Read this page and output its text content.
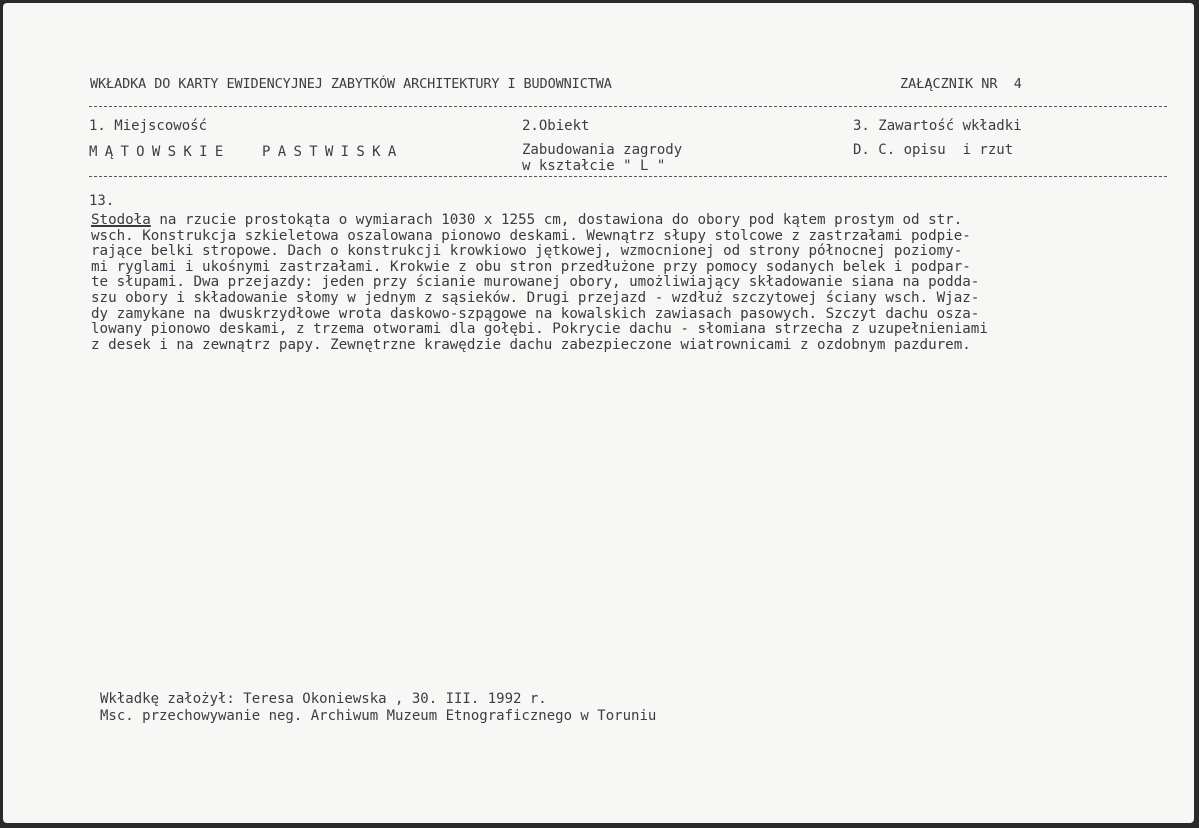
WKŁADKA DO KARTY EWIDENCYJNEJ ZABYTKÓW ARCHITEKTURY I BUDOWNICTWA	ZAŁĄCZNIK NR  4
1. Miejscowość
MĄTOWSKIE  PASTWISKA
2.Obiekt
Zabudowania zagrody
w kształcie " L "
3. Zawartość wkładki
D. C. opisu  i rzut
13.
Stodoła na rzucie prostokąta o wymiarach 1030 x 1255 cm, dostawiona do obory pod kątem prostym od str.
wsch. Konstrukcja szkieletowa oszalowana pionowo deskami. Wewnątrz słupy stolcowe z zastrzałami podpie-
rające belki stropowe. Dach o konstrukcji krowkiowo jętkowej, wzmocnionej od strony północnej poziomy-
mi ryglami i ukośnymi zastrzałami. Krokwie z obu stron przedłużone przy pomocy sodanych belek i podpar-
te słupami. Dwa przejazdy: jeden przy ścianie murowanej obory, umożliwiający składowanie siana na podda-
szu obory i składowanie słomy w jednym z sąsieków. Drugi przejazd - wzdłuż szczytowej ściany wsch. Wjaz-
dy zamykane na dwuskrzydłowe wrota daskowo-szpągowe na kowalskich zawiasach pasowych. Szczyt dachu osza-
lowany pionowo deskami, z trzema otworami dla gołębi. Pokrycie dachu - słomiana strzecha z uzupełnieniami
z desek i na zewnątrz papy. Zewnętrzne krawędzie dachu zabezpieczone wiatrownicami z ozdobnym pazdurem.
Wkładkę założył: Teresa Okoniewska , 30. III. 1992 r.
Msc. przechowywanie neg. Archiwum Muzeum Etnograficznego w Toruniu
